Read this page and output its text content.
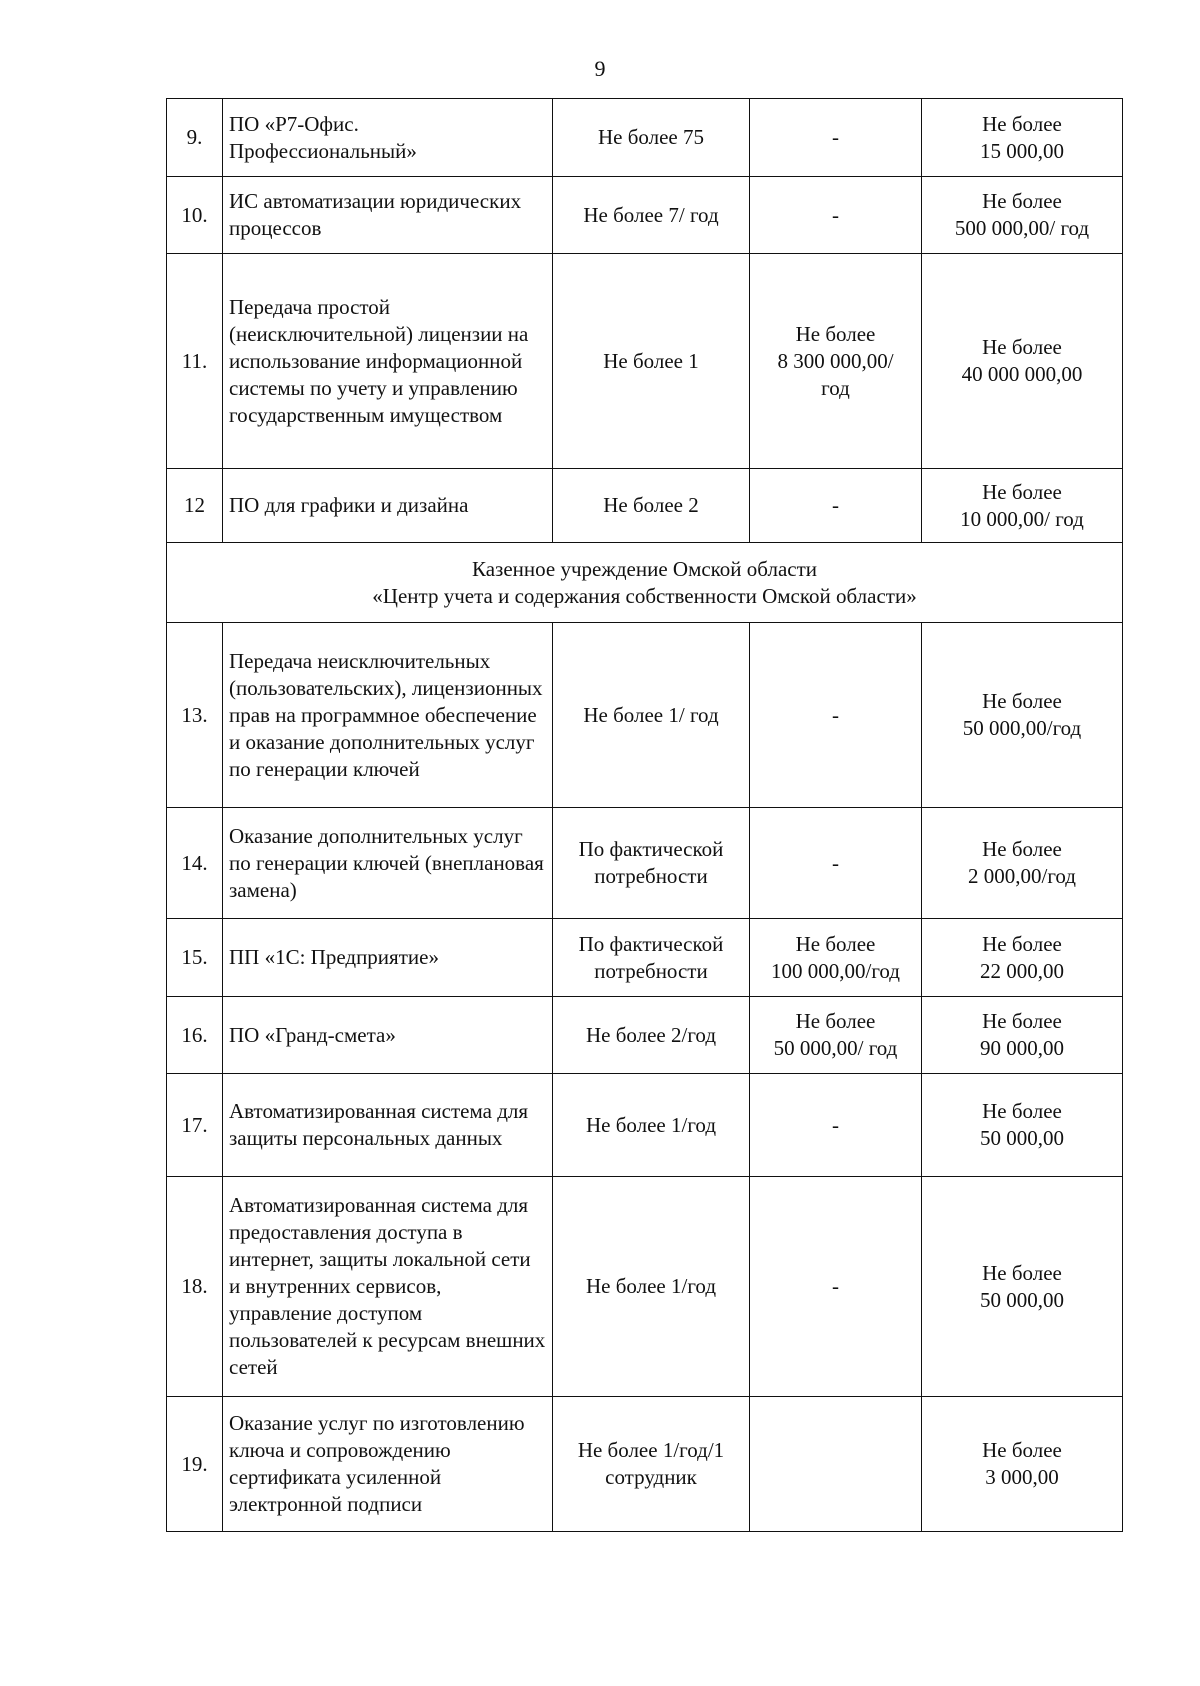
9
9.	ПО «Р7-Офис. Профессиональный»	Не более 75	-	Не более
15 000,00

10.	ИС автоматизации юридических процессов	Не более 7/ год	-	Не более
500 000,00/ год

11.	Передача простой (неисключительной) лицензии на использование информационной системы по учету и управлению государственным имуществом	Не более 1	Не более
8 300 000,00/
год	Не более
40 000 000,00

12	ПО для графики и дизайна	Не более 2	-	Не более
10 000,00/ год

Казенное учреждение Омской области
«Центр учета и содержания собственности Омской области»				

13.	Передача неисключительных (пользовательских), лицензионных прав на программное обеспечение и оказание дополнительных услуг по генерации ключей	Не более 1/ год	-	Не более
50 000,00/год

14.	Оказание дополнительных услуг по генерации ключей (внеплановая замена)	По фактической
потребности	-	Не более
2 000,00/год

15.	ПП «1С: Предприятие»	По фактической
потребности	Не более
100 000,00/год	Не более
22 000,00

16.	ПО «Гранд-смета»	Не более 2/год	Не более
50 000,00/ год	Не более
90 000,00

17.	Автоматизированная система для защиты персональных данных	Не более 1/год	-	Не более
50 000,00

18.	Автоматизированная система для предоставления доступа в интернет, защиты локальной сети и внутренних сервисов, управление доступом пользователей к ресурсам внешних сетей	Не более 1/год	-	Не более
50 000,00

19.	Оказание услуг по изготовлению ключа и сопровождению сертификата усиленной электронной подписи	Не более 1/год/1
сотрудник		Не более
3 000,00
